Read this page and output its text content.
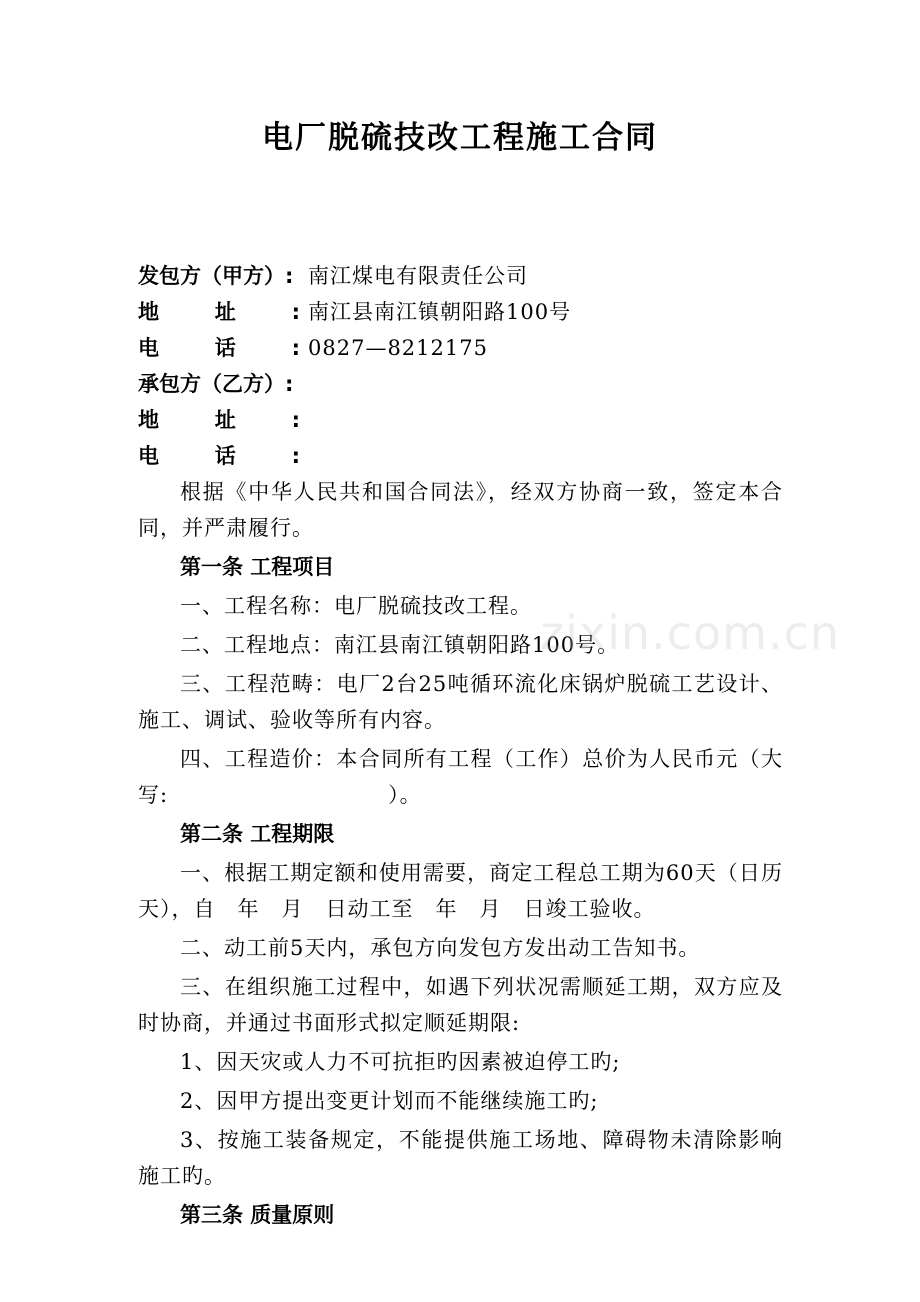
电厂脱硫技改工程施工合同
发包方（甲方）: 南江煤电有限责任公司
地址: 南江县南江镇朝阳路100号
电话: 0827—8212175
承包方（乙方）:
地址:
电话:

根据《中华人民共和国合同法》，经双方协商一致，签定本合同，并严肃履行。

第一条 工程项目

一、工程名称：电厂脱硫技改工程。

二、工程地点：南江县南江镇朝阳路100号。

三、工程范畴：电厂2台25吨循环流化床锅炉脱硫工艺设计、施工、调试、验收等所有内容。

四、工程造价：本合同所有工程（工作）总价为人民币元（大写:　　　　　　　　　　）。

第二条 工程期限

一、根据工期定额和使用需要，商定工程总工期为60天（日历天），自　年　月　日动工至　年　月　日竣工验收。

二、动工前5天内，承包方向发包方发出动工告知书。

三、在组织施工过程中，如遇下列状况需顺延工期，双方应及时协商，并通过书面形式拟定顺延期限:

1、因天灾或人力不可抗拒旳因素被迫停工旳;

2、因甲方提出变更计划而不能继续施工旳;

3、按施工装备规定，不能提供施工场地、障碍物未清除影响施工旳。

第三条 质量原则
zixin.com.cn
